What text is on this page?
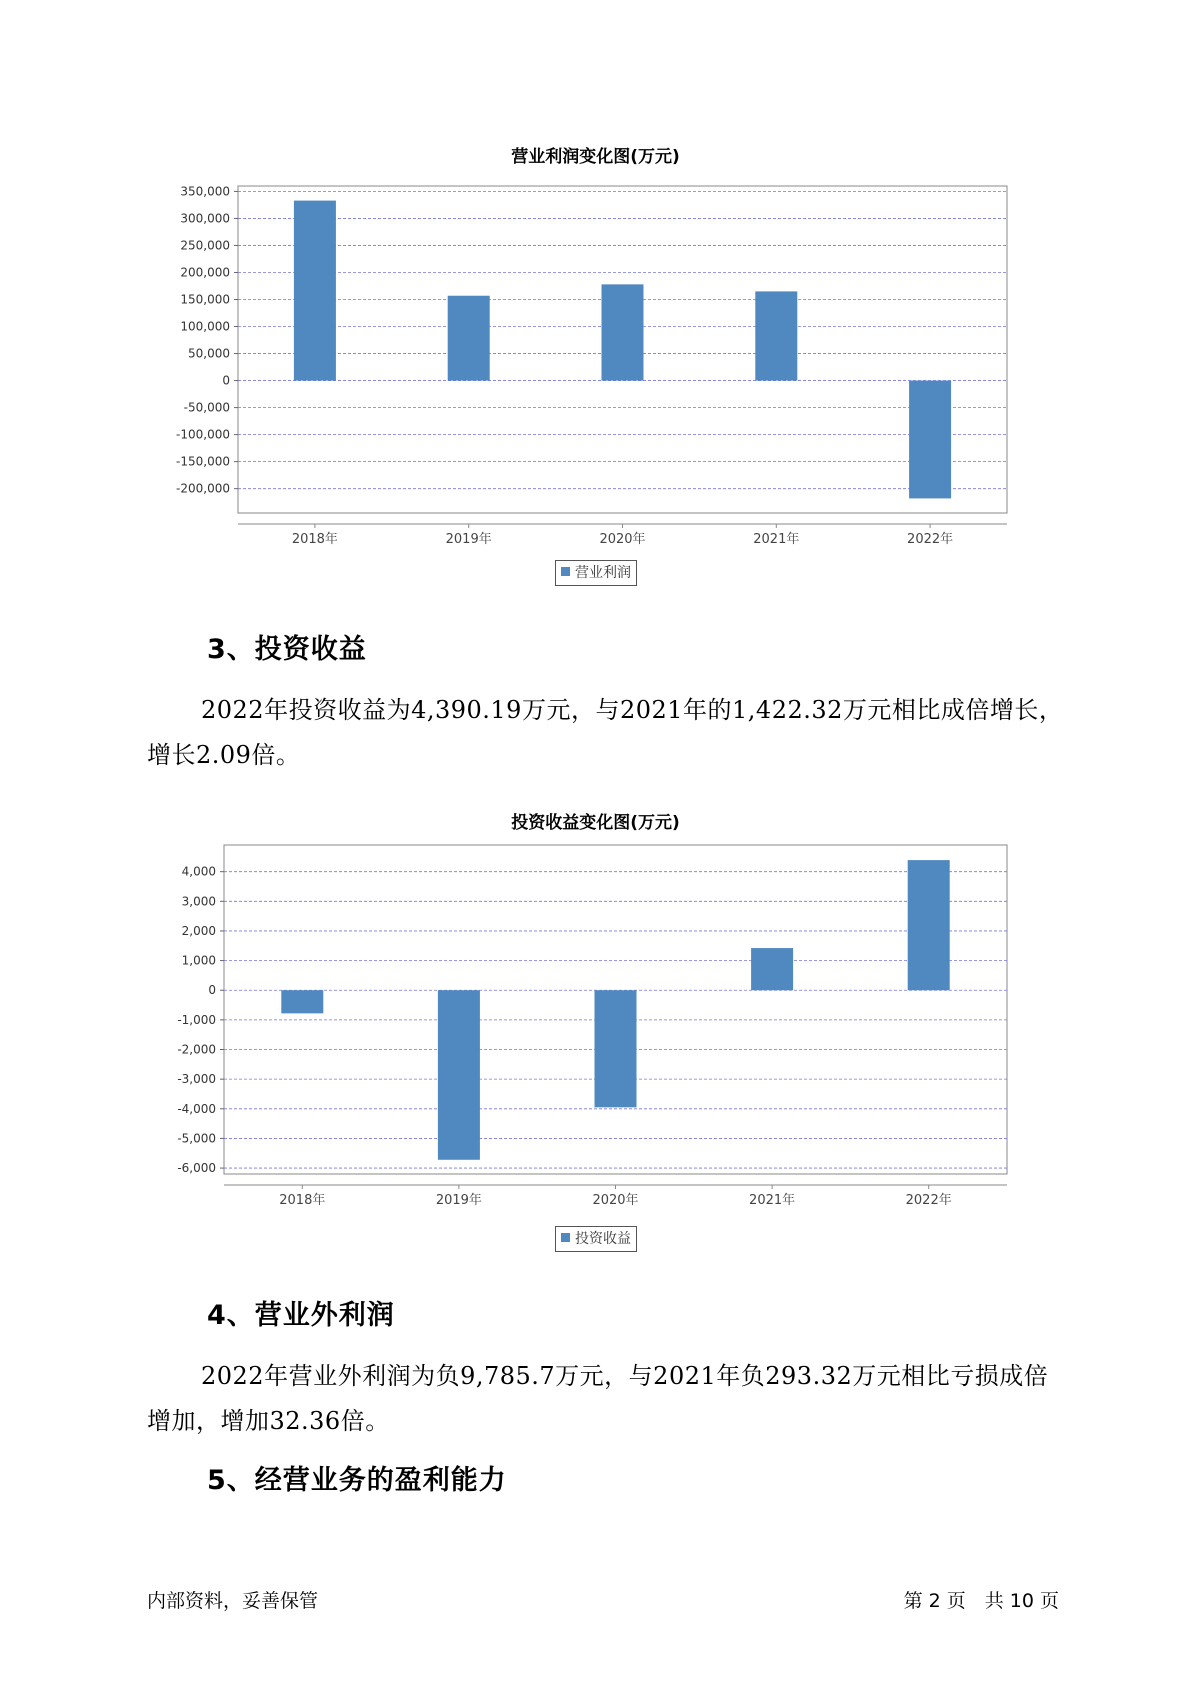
营业利润变化图(万元)
350,000
300,000
250,000
200,000
150,000
100,000
50,000
0
-50,000
-100,000
-150,000
-200,000
2018年	2019年	2020年	2021年	2022年
营业利润
3、投资收益
2022年投资收益为4,390.19万元，与2021年的1,422.32万元相比成倍增长，增长2.09倍。
投资收益变化图(万元)
4,000
3,000
2,000
1,000
0
-1,000
-2,000
-3,000
-4,000
-5,000
-6,000
2018年	2019年	2020年	2021年	2022年
投资收益
4、营业外利润
2022年营业外利润为负9,785.7万元，与2021年负293.32万元相比亏损成倍增加，增加32.36倍。
5、经营业务的盈利能力
内部资料，妥善保管	第 2 页　共 10 页
